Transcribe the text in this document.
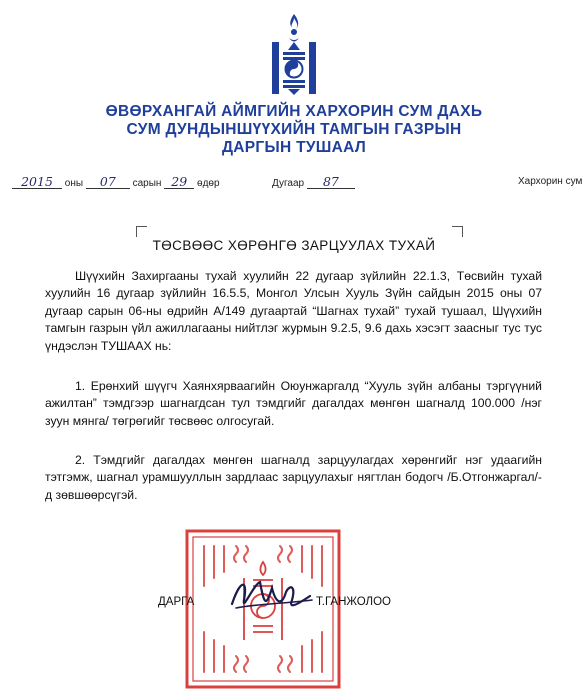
ӨВӨРХАНГАЙ АЙМГИЙН ХАРХОРИН СУМ ДАХЬ
СУМ ДУНДЫНШҮҮХИЙН ТАМГЫН ГАЗРЫН
ДАРГЫН ТУШААЛ
2015 оны 07 сарын 29 өдөр	Дугаар 87	Хархорин сум
ТӨСВӨӨС ХӨРӨНГӨ ЗАРЦУУЛАХ ТУХАЙ
Шүүхийн Захиргааны тухай хуулийн 22 дугаар зүйлийн 22.1.3, Төсвийн тухай хуулийн 16 дугаар зүйлийн 16.5.5, Монгол Улсын Хууль Зүйн сайдын 2015 оны 07 дугаар сарын 06-ны өдрийн А/149 дугаартай “Шагнах тухай” тухай тушаал, Шүүхийн тамгын газрын үйл ажиллагааны нийтлэг журмын 9.2.5, 9.6 дахь хэсэгт заасныг тус тус үндэслэн ТУШААХ нь:
1. Ерөнхий шүүгч Хаянхярваагийн Оюунжаргалд “Хууль зүйн албаны тэргүүний ажилтан” тэмдгээр шагнагдсан тул тэмдгийг дагалдах мөнгөн шагналд 100.000 /нэг зуун мянга/ төгрөгийг төсвөөс олгосугай.
2. Тэмдгийг дагалдах мөнгөн шагналд зарцуулагдах хөрөнгийг нэг удаагийн тэтгэмж, шагнал урамшууллын зардлаас зарцуулахыг нягтлан бодогч /Б.Отгонжаргал/-д зөвшөөрсүгэй.
ДАРГА	Т.ГАНЖОЛОО
